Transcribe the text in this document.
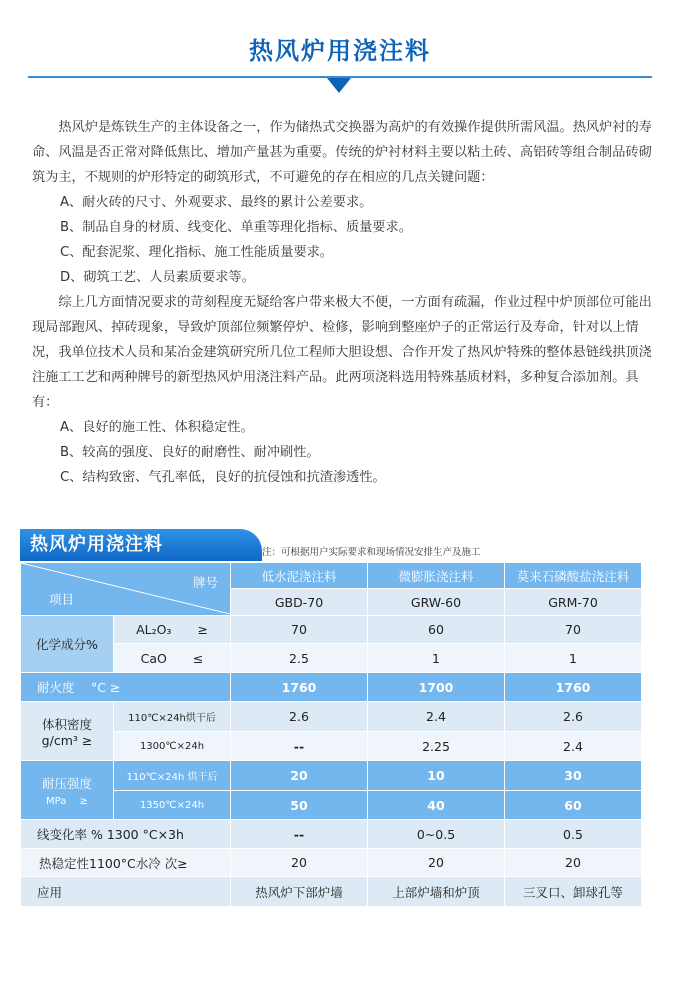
热风炉用浇注料

热风炉是炼铁生产的主体设备之一，作为储热式交换器为高炉的有效操作提供所需风温。热风炉衬的寿命、风温是否正常对降低焦比、增加产量甚为重要。传统的炉衬材料主要以粘土砖、高铝砖等组合制品砖砌筑为主，不规则的炉形特定的砌筑形式，不可避免的存在相应的几点关键问题：

A、耐火砖的尺寸、外观要求、最终的累计公差要求。

B、制品自身的材质、线变化、单重等理化指标、质量要求。

C、配套泥浆、理化指标、施工性能质量要求。

D、砌筑工艺、人员素质要求等。

综上几方面情况要求的苛刻程度无疑给客户带来极大不便，一方面有疏漏，作业过程中炉顶部位可能出现局部跑风、掉砖现象，导致炉顶部位频繁停炉、检修，影响到整座炉子的正常运行及寿命，针对以上情况，我单位技术人员和某冶金建筑研究所几位工程师大胆设想、合作开发了热风炉特殊的整体悬链线拱顶浇注施工工艺和两种牌号的新型热风炉用浇注料产品。此两项浇料选用特殊基质材料，多种复合添加剂。具有：

A、良好的施工性、体积稳定性。

B、较高的强度、良好的耐磨性、耐冲刷性。

C、结构致密、气孔率低，良好的抗侵蚀和抗渣渗透性。

热风炉用浇注料	注：可根据用户实际要求和现场情况安排生产及施工
牌号
项目		低水泥浇注料	微膨胀浇注料	莫来石磷酸盐浇注料
		GBD-70	GRW-60	GRM-70
化学成分%	AL₂O₃ ≥	70	60	70
	CaO ≤	2.5	1	1
耐火度　 °C ≥		1760	1700	1760

体积密度
g/cm³ ≥	110℃×24h烘干后	2.6	2.4	2.6
	1300℃×24h	--	2.25	2.4

耐压强度
MPa　 ≥	110℃×24h 烘干后	20	10	30
	1350℃×24h	50	40	60
线变化率 % 1300 °C×3h		--	0~0.5	0.5
热稳定性1100°C水冷 次≥		20	20	20
应用		热风炉下部炉墙	上部炉墙和炉顶	三叉口、卸球孔等
